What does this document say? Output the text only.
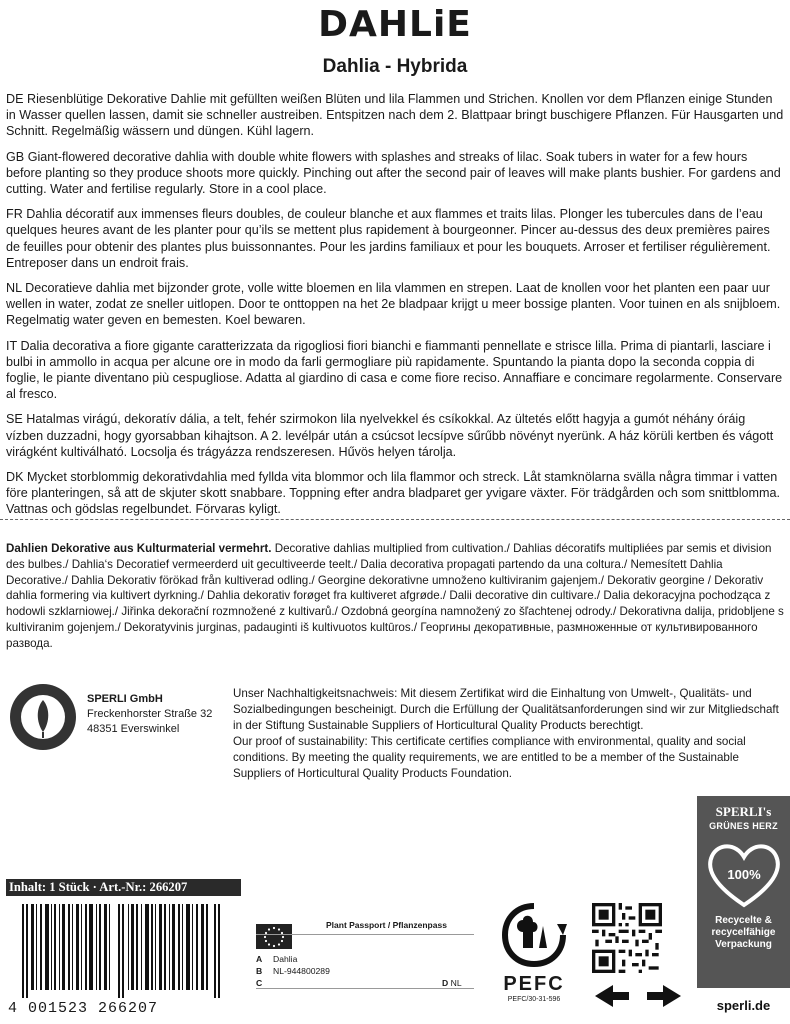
DAHLiE
Dahlia - Hybrida

DE Riesenblütige Dekorative Dahlie mit gefüllten weißen Blüten und lila Flammen und Strichen. Knollen vor dem Pflanzen einige Stunden in Wasser quellen lassen, damit sie schneller austreiben. Entspitzen nach dem 2. Blattpaar bringt buschigere Pflanzen. Für Hausgarten und Schnitt. Regelmäßig wässern und düngen. Kühl lagern.

GB Giant-flowered decorative dahlia with double white flowers with splashes and streaks of lilac. Soak tubers in water for a few hours before planting so they produce shoots more quickly. Pinching out after the second pair of leaves will make plants bushier. For gardens and cutting. Water and fertilise regularly. Store in a cool place.

FR Dahlia décoratif aux immenses fleurs doubles, de couleur blanche et aux flammes et traits lilas. Plonger les tubercules dans de l’eau quelques heures avant de les planter pour qu’ils se mettent plus rapidement à bourgeonner. Pincer au-dessus des deux premières paires de feuilles pour obtenir des plantes plus buissonnantes. Pour les jardins familiaux et pour les bouquets. Arroser et fertiliser régulièrement. Entreposer dans un endroit frais.

NL Decoratieve dahlia met bijzonder grote, volle witte bloemen en lila vlammen en strepen. Laat de knollen voor het planten een paar uur wellen in water, zodat ze sneller uitlopen. Door te onttoppen na het 2e bladpaar krijgt u meer bossige planten. Voor tuinen en als snijbloem. Regelmatig water geven en bemesten. Koel bewaren.

IT Dalia decorativa a fiore gigante caratterizzata da rigogliosi fiori bianchi e fiammanti pennellate e strisce lilla. Prima di piantarli, lasciare i bulbi in ammollo in acqua per alcune ore in modo da farli germogliare più rapidamente. Spuntando la pianta dopo la seconda coppia di foglie, le piante diventano più cespugliose. Adatta al giardino di casa e come fiore reciso. Annaffiare e concimare regolarmente. Conservare al fresco.

SE Hatalmas virágú, dekoratív dália, a telt, fehér szirmokon lila nyelvekkel és csíkokkal. Az ültetés előtt hagyja a gumót néhány óráig vízben duzzadni, hogy gyorsabban kihajtson. A 2. levélpár után a csúcsot lecsípve sűrűbb növényt nyerünk. A ház körüli kertben és vágott virágként kultiválható. Locsolja és trágyázza rendszeresen. Hűvös helyen tárolja.

DK Mycket storblommig dekorativdahlia med fyllda vita blommor och lila flammor och streck. Låt stamknölarna svälla några timmar i vatten före planteringen, så att de skjuter skott snabbare. Toppning efter andra bladparet ger yvigare växter. För trädgården och som snittblomma. Vattnas och gödslas regelbundet. Förvaras kyligt.

Dahlien Dekorative aus Kulturmaterial vermehrt. Decorative dahlias multiplied from cultivation./ Dahlias décoratifs multipliées par semis et division des bulbes./ Dahlia‘s Decoratief vermeerderd uit gecultiveerde teelt./ Dalia decorativa propagati partendo da una coltura./ Nemesített Dahlia Decorative./ Dahlia Dekorativ förökad från kultiverad odling./ Georgine dekorativne umnoženo kultiviranim gajenjem./ Dekorativ georgine / Dekorativ dahlia formering via kultivert dyrkning./ Dahlia dekorativ forøget fra kultiveret afgrøde./ Dalii decorative din cultivare./ Dalia dekoracyjna pochodząca z hodowli szklarniowej./ Jiřinka dekorační rozmnožené z kultivarů./ Ozdobná georgína namnožený zo šľachtenej odrody./ Dekorativna dalija, pridobljene s kultiviranim gojenjem./ Dekoratyvinis jurginas, padauginti iš kultivuotos kultūros./ Георгины декоративные, размноженные от культивированного развода.
SPERLI GmbH
Freckenhorster Straße 32
48351 Everswinkel
Unser Nachhaltigkeitsnachweis: Mit diesem Zertifikat wird die Einhaltung von Umwelt-, Qualitäts- und Sozialbedingungen bescheinigt. Durch die Erfüllung der Qualitätsanforderungen sind wir zur Mitgliedschaft in der Stiftung Sustainable Suppliers of Horticultural Quality Products berechtigt.
Our proof of sustainability: This certificate certifies compliance with environmental, quality and social conditions. By meeting the quality requirements, we are entitled to be a member of the Sustainable Suppliers of Horticultural Quality Products Foundation.
SPERLI's
GRÜNES HERZ
100%
Recycelte & recycelfähige Verpackung
sperli.de
Inhalt: 1 Stück · Art.-Nr.: 266207
4 001523 266207
Plant Passport / Pflanzenpass
A Dahlia
B NL-944800289
C	D NL	PEFC
PEFC/30-31-596
